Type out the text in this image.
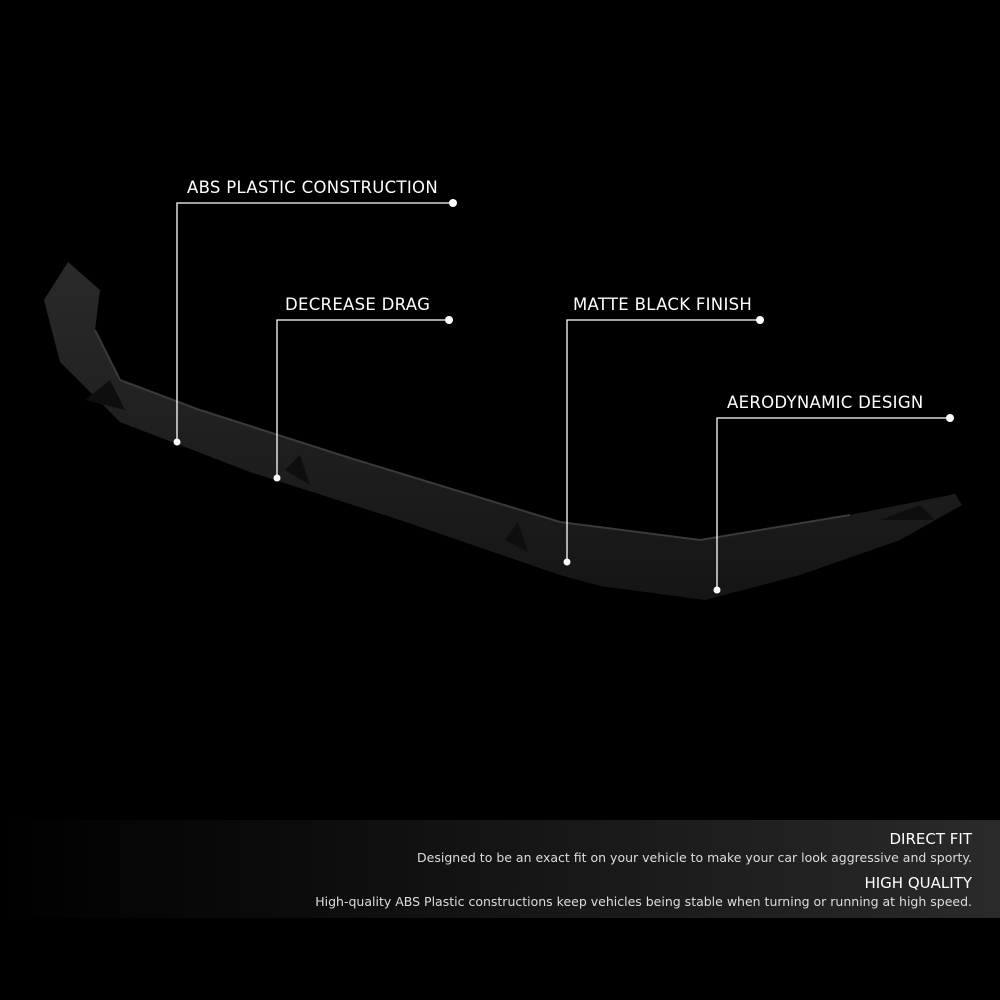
ABS PLASTIC CONSTRUCTION
DECREASE DRAG	MATTE BLACK FINISH
AERODYNAMIC DESIGN
DIRECT FIT
Designed to be an exact fit on your vehicle to make your car look aggressive and sporty.
HIGH QUALITY
High-quality ABS Plastic constructions keep vehicles being stable when turning or running at high speed.
